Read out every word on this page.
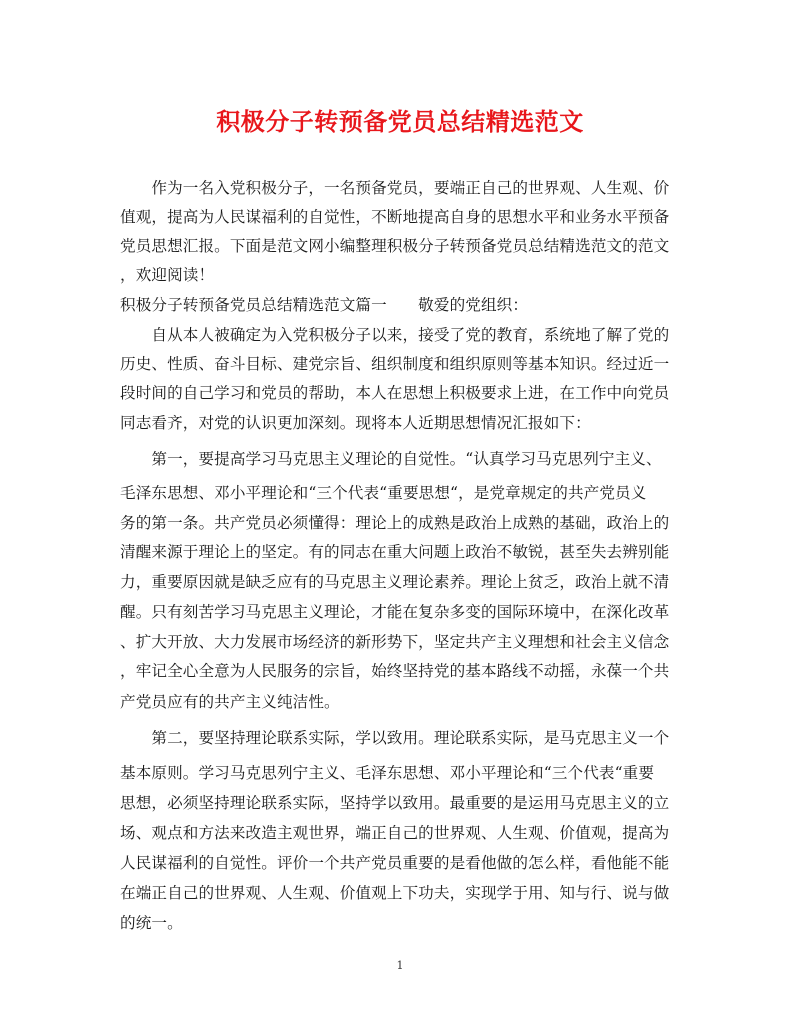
积极分子转预备党员总结精选范文
　　作为一名入党积极分子，一名预备党员，要端正自己的世界观、人生观、价
值观，提高为人民谋福利的自觉性，不断地提高自身的思想水平和业务水平预备
党员思想汇报。下面是范文网小编整理积极分子转预备党员总结精选范文的范文
，欢迎阅读！
积极分子转预备党员总结精选范文篇一　　敬爱的党组织：
　　自从本人被确定为入党积极分子以来，接受了党的教育，系统地了解了党的
历史、性质、奋斗目标、建党宗旨、组织制度和组织原则等基本知识。经过近一
段时间的自己学习和党员的帮助，本人在思想上积极要求上进，在工作中向党员
同志看齐，对党的认识更加深刻。现将本人近期思想情况汇报如下：
　　第一，要提高学习马克思主义理论的自觉性。“认真学习马克思列宁主义、
毛泽东思想、邓小平理论和“三个代表“重要思想“，是党章规定的共产党员义
务的第一条。共产党员必须懂得：理论上的成熟是政治上成熟的基础，政治上的
清醒来源于理论上的坚定。有的同志在重大问题上政治不敏锐，甚至失去辨别能
力，重要原因就是缺乏应有的马克思主义理论素养。理论上贫乏，政治上就不清
醒。只有刻苦学习马克思主义理论，才能在复杂多变的国际环境中，在深化改革
、扩大开放、大力发展市场经济的新形势下，坚定共产主义理想和社会主义信念
，牢记全心全意为人民服务的宗旨，始终坚持党的基本路线不动摇，永葆一个共
产党员应有的共产主义纯洁性。
　　第二，要坚持理论联系实际，学以致用。理论联系实际，是马克思主义一个
基本原则。学习马克思列宁主义、毛泽东思想、邓小平理论和“三个代表“重要
思想，必须坚持理论联系实际，坚持学以致用。最重要的是运用马克思主义的立
场、观点和方法来改造主观世界，端正自己的世界观、人生观、价值观，提高为
人民谋福利的自觉性。评价一个共产党员重要的是看他做的怎么样，看他能不能
在端正自己的世界观、人生观、价值观上下功夫，实现学于用、知与行、说与做
的统一。
1
